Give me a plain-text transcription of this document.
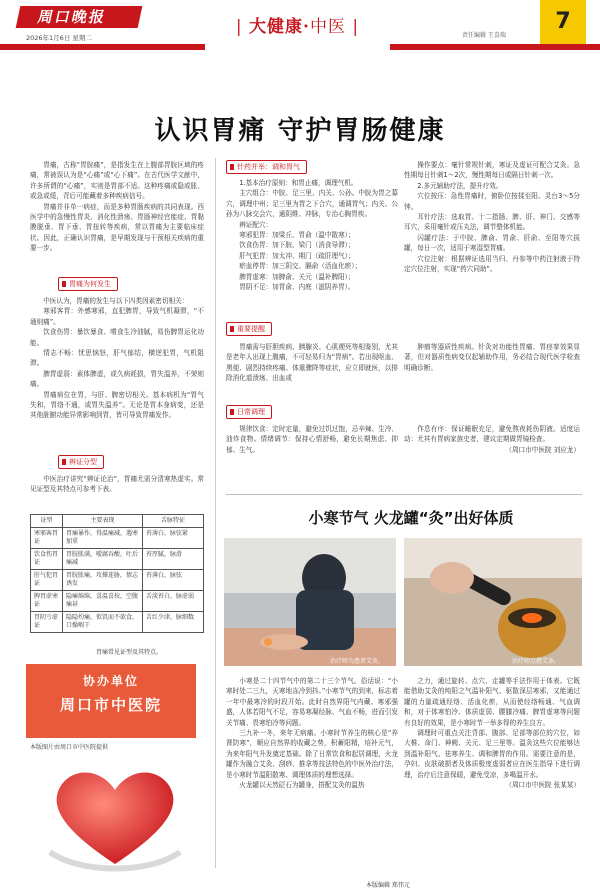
周口晚报
2026年1月6日 星期二
| 大健康·中医 |	责任编辑 王喜瑞
7
认识胃痛 守护胃肠健康

胃痛，古称“胃脘痛”，是指发生在上腹部胃脘区域的疼痛，常被误认为是“心痛”或“心下痛”。在古代医学文献中，许多所谓的“心痛”，实则是胃部不适。这种疼痛或隐或胀、或急或缓，背后可能藏着多种疾病信号。

胃痛并非单一病症，而是多种胃肠疾病的共同表现。西医学中的急慢性胃炎、消化性溃疡、胃肠神经官能症、胃黏膜脱垂、胃下垂、胃扭转等疾病，常以胃痛为主要临床症状。因此，正确认识胃痛，是早期发现与干预相关疾病的重要一步。

胃痛为何发生

中医认为，胃痛的发生与以下四类因素密切相关：

寒邪客胃：外感寒邪，直犯脾胃，导致气机凝滞，“不通则痛”。

饮食伤胃：暴饮暴食、嗜食生冷油腻，易伤脾胃运化功能。

情志不畅：忧思恼怒，肝气郁结，横逆犯胃，气机阻滞。

脾胃虚弱：素体脾虚，或久病耗损，胃失温养，不荣则痛。

胃痛病位在胃，与肝、脾密切相关。基本病机为“胃气失和，胃络不通，或胃失温养”。无论是胃本身病变，还是其他脏腑功能异常影响到胃，皆可导致胃痛发作。

辨证分型

中医治疗讲究“辨证论治”，胃痛尤需分清寒热虚实。常见证型及其特点可参考下表。

证型	主要表现	舌脉特征
寒邪客胃证	胃痛暴作，得温痛减，遇寒加重	苔薄白，脉弦紧
饮食伤胃证	胃脘胀满，嗳腐吞酸，吐后痛减	苔厚腻，脉滑
肝气犯胃证	胃脘胀痛，攻撑连胁，情志诱发	苔薄白，脉弦
脾胃虚寒证	隐痛绵绵，喜温喜按，空腹痛甚	舌淡苔白，脉虚弱
胃阴亏虚证	隐隐灼痛，似饥而不欲食，口燥咽干	舌红少津，脉细数
胃痛常见证型及其特点。
协办单位
周口市中医院
本版图片由周口市中医院提供
针药并举：调和胃气

1.基本治疗原则：和胃止痛，调理气机。

主穴组合：中脘、足三里、内关、公孙。中脘为胃之募穴，调理中州；足三里为胃之下合穴，通调胃气；内关、公孙为八脉交会穴，通阴维、冲脉，专治心胸胃疾。

辨证配穴：

寒邪犯胃：加梁丘、胃俞（温中散寒）；

饮食伤胃：加下脘、梁门（消食导滞）；

肝气犯胃：加太冲、期门（疏肝理气）；

瘀血停胃：加三阴交、膈俞（活血化瘀）；

脾胃虚寒：加脾俞、关元（温补脾阳）；

胃阴不足：加胃俞、内庭（滋阴养胃）。

操作要点：毫针常规针刺，寒证及虚证可配合艾灸。急性期每日针刺1～2次，慢性期每日或隔日针刺一次。

2.多元辅助疗法，提升疗效。

穴位按压：急性胃痛时，俯卧位按揉至阳、灵台3～5分钟。

耳针疗法：选取胃、十二指肠、脾、肝、神门、交感等耳穴，采用毫针或压丸法，调节整体机能。

闪罐疗法：于中脘、脾俞、胃俞、肝俞、至阳等穴拔罐，每日一次，适用于寒湿型胃痛。

穴位注射：根据辨证选用当归、丹参等中药注射液于特定穴位注射，实现“药穴同助”。

重要提醒

胃痛需与肝胆疾病、胰腺炎、心肌梗死等相鉴别，尤其是老年人出现上腹痛，不可轻易归为“胃病”。若出现呕血、黑便、剧烈持续疼痛、体重骤降等症状，应立即就医，以排除消化道溃疡、出血或

肿瘤等器质性疾病。针灸对功能性胃痛、胃痉挛效果显著，但对器质性病变仅起辅助作用，务必结合现代医学检查明确诊断。

日常调理

规律饮食：定时定量，避免过饥过饱，忌辛辣、生冷、油炸食物。情绪调节：保持心情舒畅，避免长期焦虑、抑郁、生气。

作息有序：保证睡眠充足，避免熬夜耗伤阴液。适度运动：尤其有胃病家族史者，建议定期做胃镜检查。

（周口市中医院 刘应龙）

小寒节气 火龙罐“灸”出好体质
治疗师为患者艾灸。	治疗师点燃艾条。

小寒是二十四节气中的第二十三个节气。俗话说：“小寒时处二三九，天寒地冻冷到抖。”小寒节气的到来，标志着一年中最寒冷的时段开始。此时自然界阳气内藏、寒邪强盛，人体若阳气不足，容易寒凝经脉、气血不畅，进而引发关节痛、畏寒怕冷等问题。

三九补一冬，来年无病痛。小寒时节养生的核心是“养肾防寒”，顺应自然界的收藏之势，积蓄阳精，培补元气，为来年阳气升发奠定基础。除了日常饮食和起居调理，火龙罐作为融合艾灸、刮痧、推拿等技法特色的中医外治疗法，是小寒时节温阳散寒、调理体质的理想选择。

火龙罐以天然砭石为罐身，搭配艾灸的温热

之力，通过旋转、点穴、走罐等手法作用于体表。它既能借助艾灸的纯阳之气温补阳气、驱散深层寒邪，又能通过罐的力量疏通经络、活血化瘀，从而使经络畅通、气血调和，对于体寒怕冷、体质虚弱、腰膝冷痛、脾胃虚寒等问题有良好的效果，是小寒时节一举多得的养生良方。

调理时可重点关注背部、腹部、足部等部位的穴位，如大椎、命门、神阙、关元、足三里等。温灸这些穴位能够达到温补阳气、祛寒养生、调和脾胃的作用。需要注意的是，孕妇、皮肤破损者及体质极度虚弱者应在医生指导下进行调理，治疗后注意保暖，避免受凉，多喝温开水。

（周口市中医院 张某某）

本版编辑 郑伟元
